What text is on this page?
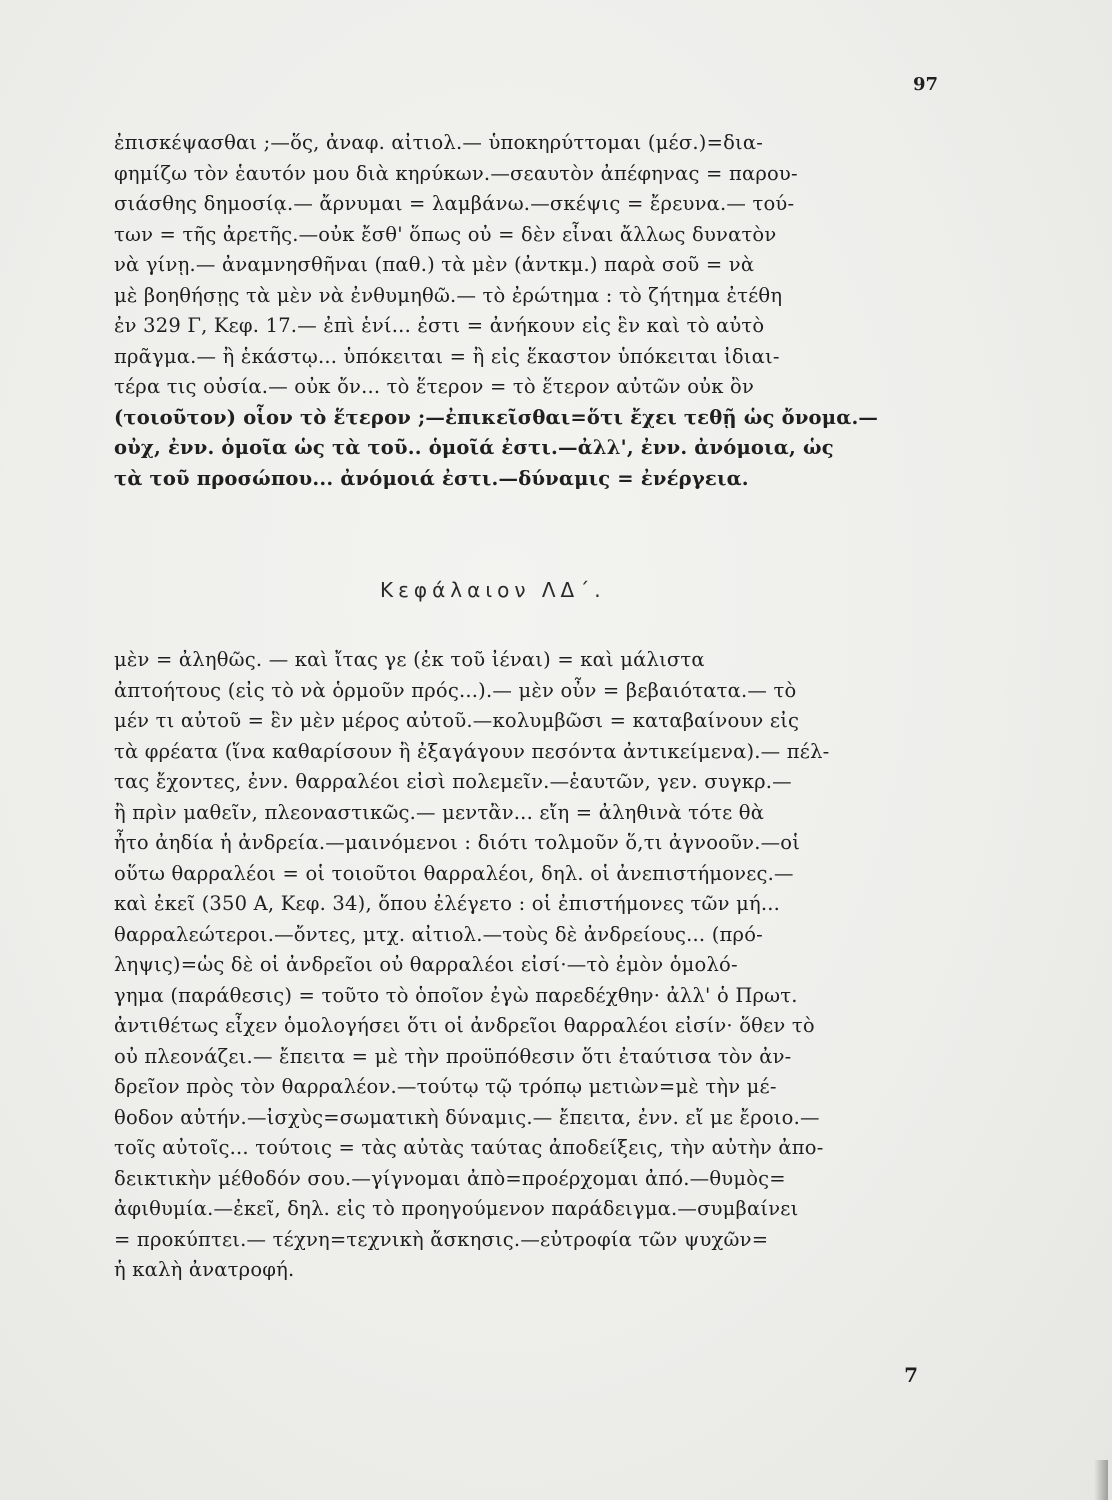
97
ἐπισκέψασθαι ;—ὅς, ἀναφ. αἰτιολ.— ὑποκηρύττομαι (μέσ.)=δια-
φημίζω τὸν ἑαυτόν μου διὰ κηρύκων.—σεαυτὸν ἀπέφηνας = παρου-
σιάσθης δημοσίᾳ.— ἄρνυμαι = λαμβάνω.—σκέψις = ἔρευνα.— τού-
των = τῆς ἀρετῆς.—οὐκ ἔσθ' ὅπως οὐ = δὲν εἶναι ἄλλως δυνατὸν
νὰ γίνῃ.— ἀναμνησθῆναι (παθ.) τὰ μὲν (ἀντκμ.) παρὰ σοῦ = νὰ
μὲ βοηθήσῃς τὰ μὲν νὰ ἐνθυμηθῶ.— τὸ ἐρώτημα : τὸ ζήτημα ἐτέθη
ἐν 329 Γ, Κεφ. 17.— ἐπὶ ἑνί... ἐστι = ἀνήκουν εἰς ἓν καὶ τὸ αὐτὸ
πρᾶγμα.— ἢ ἑκάστῳ... ὑπόκειται = ἢ εἰς ἕκαστον ὑπόκειται ἰδιαι-
τέρα τις οὐσία.— οὐκ ὄν... τὸ ἕτερον = τὸ ἕτερον αὐτῶν οὐκ ὂν
(τοιοῦτον) οἷον τὸ ἕτερον ;—ἐπικεῖσθαι=ὅτι ἔχει τεθῇ ὡς ὄνομα.—
οὐχ, ἐνν. ὁμοῖα ὡς τὰ τοῦ.. ὁμοῖά ἐστι.—ἀλλ', ἐνν. ἀνόμοια, ὡς
τὰ τοῦ προσώπου... ἀνόμοιά ἐστι.—δύναμις = ἐνέργεια.
Κεφάλαιον ΛΔ΄.
μὲν = ἀληθῶς. — καὶ ἴτας γε (ἐκ τοῦ ἰέναι) = καὶ μάλιστα
ἀπτοήτους (εἰς τὸ νὰ ὁρμοῦν πρός...).— μὲν οὖν = βεβαιότατα.— τὸ
μέν τι αὐτοῦ = ἓν μὲν μέρος αὐτοῦ.—κολυμβῶσι = καταβαίνουν εἰς
τὰ φρέατα (ἵνα καθαρίσουν ἢ ἐξαγάγουν πεσόντα ἀντικείμενα).— πέλ-
τας ἔχοντες, ἐνν. θαρραλέοι εἰσὶ πολεμεῖν.—ἑαυτῶν, γεν. συγκρ.—
ἢ πρὶν μαθεῖν, πλεοναστικῶς.— μεντἂν... εἴη = ἀληθινὰ τότε θὰ
ἦτο ἀηδία ἡ ἀνδρεία.—μαινόμενοι : διότι τολμοῦν ὅ,τι ἀγνοοῦν.—οἱ
οὕτω θαρραλέοι = οἱ τοιοῦτοι θαρραλέοι, δηλ. οἱ ἀνεπιστήμονες.—
καὶ ἐκεῖ (350 Α, Κεφ. 34), ὅπου ἐλέγετο : οἱ ἐπιστήμονες τῶν μή...
θαρραλεώτεροι.—ὄντες, μτχ. αἰτιολ.—τοὺς δὲ ἀνδρείους... (πρό-
ληψις)=ὡς δὲ οἱ ἀνδρεῖοι οὐ θαρραλέοι εἰσί·—τὸ ἐμὸν ὁμολό-
γημα (παράθεσις) = τοῦτο τὸ ὁποῖον ἐγὼ παρεδέχθην· ἀλλ' ὁ Πρωτ.
ἀντιθέτως εἶχεν ὁμολογήσει ὅτι οἱ ἀνδρεῖοι θαρραλέοι εἰσίν· ὅθεν τὸ
οὐ πλεονάζει.— ἔπειτα = μὲ τὴν προϋπόθεσιν ὅτι ἐταύτισα τὸν ἀν-
δρεῖον πρὸς τὸν θαρραλέον.—τούτῳ τῷ τρόπῳ μετιὼν=μὲ τὴν μέ-
θοδον αὐτήν.—ἰσχὺς=σωματικὴ δύναμις.— ἔπειτα, ἐνν. εἴ με ἔροιο.—
τοῖς αὐτοῖς... τούτοις = τὰς αὐτὰς ταύτας ἀποδείξεις, τὴν αὐτὴν ἀπο-
δεικτικὴν μέθοδόν σου.—γίγνομαι ἀπὸ=προέρχομαι ἀπό.—θυμὸς=
ἀφιθυμία.—ἐκεῖ, δηλ. εἰς τὸ προηγούμενον παράδειγμα.—συμβαίνει
= προκύπτει.— τέχνη=τεχνικὴ ἄσκησις.—εὐτροφία τῶν ψυχῶν=
ἡ καλὴ ἀνατροφή.
7
